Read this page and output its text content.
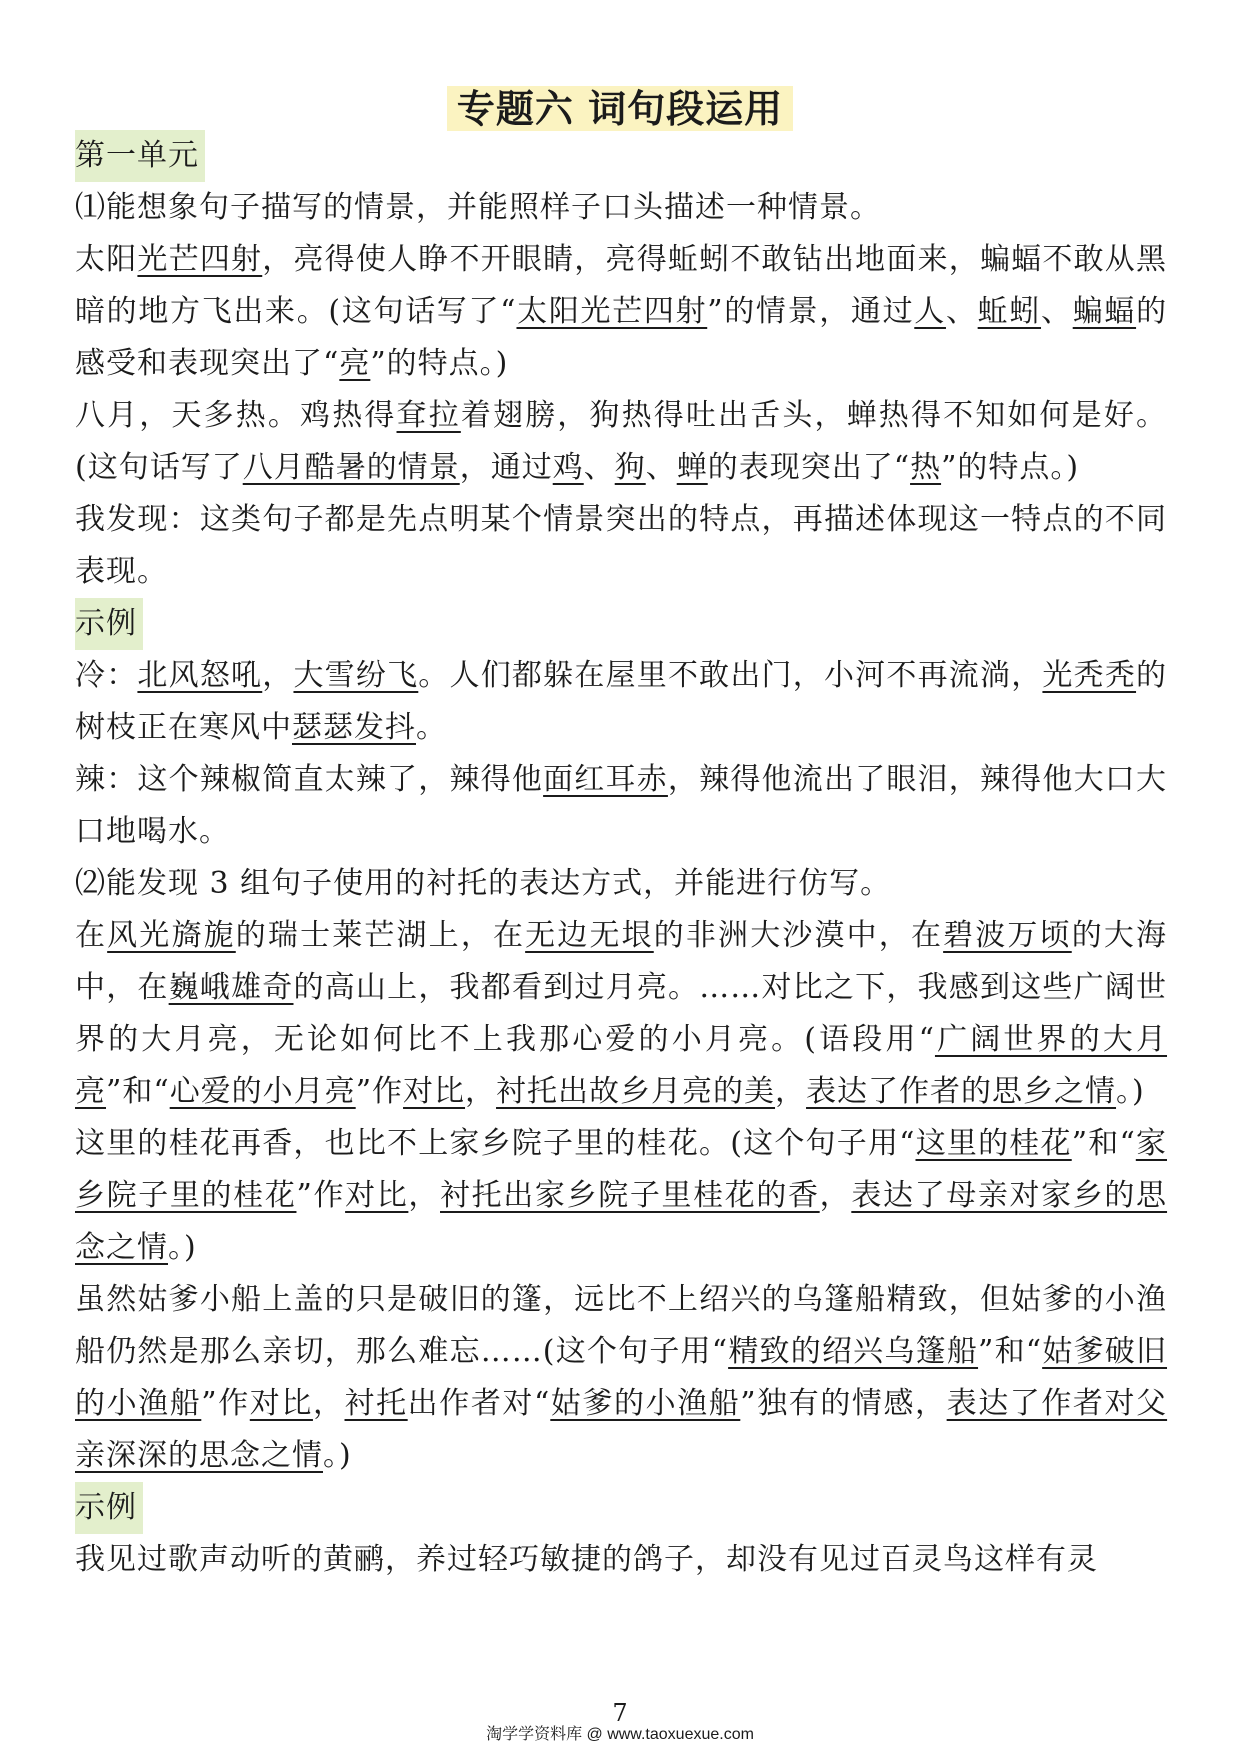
专题六 词句段运用

第一单元

⑴能想象句子描写的情景，并能照样子口头描述一种情景。

太阳光芒四射，亮得使人睁不开眼睛，亮得蚯蚓不敢钻出地面来，蝙蝠不敢从黑暗的地方飞出来。(这句话写了“太阳光芒四射”的情景，通过人、蚯蚓、蝙蝠的感受和表现突出了“亮”的特点。)

八月，天多热。鸡热得耷拉着翅膀，狗热得吐出舌头，蝉热得不知如何是好。(这句话写了八月酷暑的情景，通过鸡、狗、蝉的表现突出了“热”的特点。)

我发现：这类句子都是先点明某个情景突出的特点，再描述体现这一特点的不同表现。

示例

冷：北风怒吼，大雪纷飞。人们都躲在屋里不敢出门，小河不再流淌，光秃秃的树枝正在寒风中瑟瑟发抖。

辣：这个辣椒简直太辣了，辣得他面红耳赤，辣得他流出了眼泪，辣得他大口大口地喝水。

⑵能发现 3 组句子使用的衬托的表达方式，并能进行仿写。

在风光旖旎的瑞士莱芒湖上，在无边无垠的非洲大沙漠中，在碧波万顷的大海中，在巍峨雄奇的高山上，我都看到过月亮。……对比之下，我感到这些广阔世界的大月亮，无论如何比不上我那心爱的小月亮。(语段用“广阔世界的大月亮”和“心爱的小月亮”作对比，衬托出故乡月亮的美，表达了作者的思乡之情。)

这里的桂花再香，也比不上家乡院子里的桂花。(这个句子用“这里的桂花”和“家乡院子里的桂花”作对比，衬托出家乡院子里桂花的香，表达了母亲对家乡的思念之情。)

虽然姑爹小船上盖的只是破旧的篷，远比不上绍兴的乌篷船精致，但姑爹的小渔船仍然是那么亲切，那么难忘……(这个句子用“精致的绍兴乌篷船”和“姑爹破旧的小渔船”作对比，衬托出作者对“姑爹的小渔船”独有的情感，表达了作者对父亲深深的思念之情。)

示例

我见过歌声动听的黄鹂，养过轻巧敏捷的鸽子，却没有见过百灵鸟这样有灵

7
淘学学资料库 @ www.taoxuexue.com
